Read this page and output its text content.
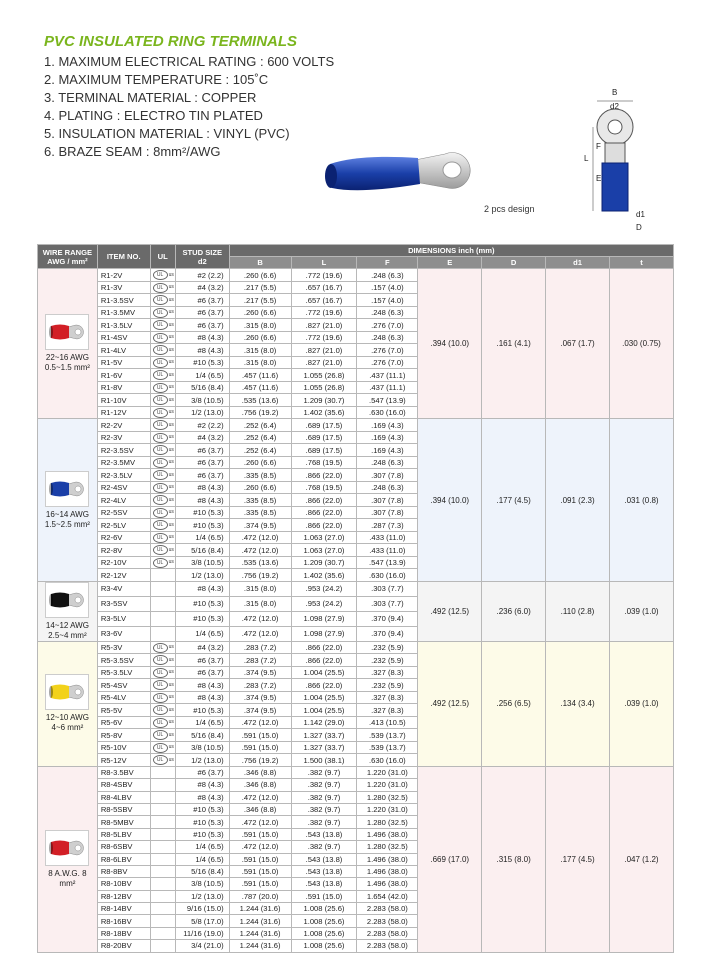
PVC INSULATED RING TERMINALS
1. MAXIMUM ELECTRICAL RATING : 600 VOLTS
2. MAXIMUM TEMPERATURE : 105˚C
3. TERMINAL MATERIAL : COPPER
4. PLATING : ELECTRO TIN PLATED
5. INSULATION MATERIAL : VINYL (PVC)
6. BRAZE SEAM : 8mm²/AWG
2 pcs design
B
d2
L
F
E
d1
D
WIRE RANGE AWG / mm²	ITEM NO.	UL	STUD SIZE d2	DIMENSIONS inch (mm)						
				B	L	F	E	D	d1	t

22~16 AWG 0.5~1.5 mm²	R1-2V	UL us	#2 (2.2)	.260 (6.6)	.772 (19.6)	.248 (6.3)	.394 (10.0)	.161 (4.1)	.067 (1.7)	.030 (0.75)
	R1-3V	UL us	#4 (3.2)	.217 (5.5)	.657 (16.7)	.157 (4.0)				
	R1-3.5SV	UL us	#6 (3.7)	.217 (5.5)	.657 (16.7)	.157 (4.0)				
	R1-3.5MV	UL us	#6 (3.7)	.260 (6.6)	.772 (19.6)	.248 (6.3)				
	R1-3.5LV	UL us	#6 (3.7)	.315 (8.0)	.827 (21.0)	.276 (7.0)				
	R1-4SV	UL us	#8 (4.3)	.260 (6.6)	.772 (19.6)	.248 (6.3)				
	R1-4LV	UL us	#8 (4.3)	.315 (8.0)	.827 (21.0)	.276 (7.0)				
	R1-5V	UL us	#10 (5.3)	.315 (8.0)	.827 (21.0)	.276 (7.0)				
	R1-6V	UL us	1/4 (6.5)	.457 (11.6)	1.055 (26.8)	.437 (11.1)				
	R1-8V	UL us	5/16 (8.4)	.457 (11.6)	1.055 (26.8)	.437 (11.1)				
	R1-10V	UL us	3/8 (10.5)	.535 (13.6)	1.209 (30.7)	.547 (13.9)				
	R1-12V	UL us	1/2 (13.0)	.756 (19.2)	1.402 (35.6)	.630 (16.0)				

16~14 AWG 1.5~2.5 mm²	R2-2V	UL us	#2 (2.2)	.252 (6.4)	.689 (17.5)	.169 (4.3)	.394 (10.0)	.177 (4.5)	.091 (2.3)	.031 (0.8)
	R2-3V	UL us	#4 (3.2)	.252 (6.4)	.689 (17.5)	.169 (4.3)				
	R2-3.5SV	UL us	#6 (3.7)	.252 (6.4)	.689 (17.5)	.169 (4.3)				
	R2-3.5MV	UL us	#6 (3.7)	.260 (6.6)	.768 (19.5)	.248 (6.3)				
	R2-3.5LV	UL us	#6 (3.7)	.335 (8.5)	.866 (22.0)	.307 (7.8)				
	R2-4SV	UL us	#8 (4.3)	.260 (6.6)	.768 (19.5)	.248 (6.3)				
	R2-4LV	UL us	#8 (4.3)	.335 (8.5)	.866 (22.0)	.307 (7.8)				
	R2-5SV	UL us	#10 (5.3)	.335 (8.5)	.866 (22.0)	.307 (7.8)				
	R2-5LV	UL us	#10 (5.3)	.374 (9.5)	.866 (22.0)	.287 (7.3)				
	R2-6V	UL us	1/4 (6.5)	.472 (12.0)	1.063 (27.0)	.433 (11.0)				
	R2-8V	UL us	5/16 (8.4)	.472 (12.0)	1.063 (27.0)	.433 (11.0)				
	R2-10V	UL us	3/8 (10.5)	.535 (13.6)	1.209 (30.7)	.547 (13.9)				
	R2-12V		1/2 (13.0)	.756 (19.2)	1.402 (35.6)	.630 (16.0)				

14~12 AWG 2.5~4 mm²	R3-4V		#8 (4.3)	.315 (8.0)	.953 (24.2)	.303 (7.7)	.492 (12.5)	.236 (6.0)	.110 (2.8)	.039 (1.0)
	R3-5SV		#10 (5.3)	.315 (8.0)	.953 (24.2)	.303 (7.7)				
	R3-5LV		#10 (5.3)	.472 (12.0)	1.098 (27.9)	.370 (9.4)				
	R3-6V		1/4 (6.5)	.472 (12.0)	1.098 (27.9)	.370 (9.4)				

12~10 AWG 4~6 mm²	R5-3V	UL us	#4 (3.2)	.283 (7.2)	.866 (22.0)	.232 (5.9)	.492 (12.5)	.256 (6.5)	.134 (3.4)	.039 (1.0)
	R5-3.5SV	UL us	#6 (3.7)	.283 (7.2)	.866 (22.0)	.232 (5.9)				
	R5-3.5LV	UL us	#6 (3.7)	.374 (9.5)	1.004 (25.5)	.327 (8.3)				
	R5-4SV	UL us	#8 (4.3)	.283 (7.2)	.866 (22.0)	.232 (5.9)				
	R5-4LV	UL us	#8 (4.3)	.374 (9.5)	1.004 (25.5)	.327 (8.3)				
	R5-5V	UL us	#10 (5.3)	.374 (9.5)	1.004 (25.5)	.327 (8.3)				
	R5-6V	UL us	1/4 (6.5)	.472 (12.0)	1.142 (29.0)	.413 (10.5)				
	R5-8V	UL us	5/16 (8.4)	.591 (15.0)	1.327 (33.7)	.539 (13.7)				
	R5-10V	UL us	3/8 (10.5)	.591 (15.0)	1.327 (33.7)	.539 (13.7)				
	R5-12V	UL us	1/2 (13.0)	.756 (19.2)	1.500 (38.1)	.630 (16.0)				

8 A.W.G. 8 mm²	R8-3.5BV		#6 (3.7)	.346 (8.8)	.382 (9.7)	1.220 (31.0)	.669 (17.0)	.315 (8.0)	.177 (4.5)	.047 (1.2)
	R8-4SBV		#8 (4.3)	.346 (8.8)	.382 (9.7)	1.220 (31.0)				
	R8-4LBV		#8 (4.3)	.472 (12.0)	.382 (9.7)	1.280 (32.5)				
	R8-5SBV		#10 (5.3)	.346 (8.8)	.382 (9.7)	1.220 (31.0)				
	R8-5MBV		#10 (5.3)	.472 (12.0)	.382 (9.7)	1.280 (32.5)				
	R8-5LBV		#10 (5.3)	.591 (15.0)	.543 (13.8)	1.496 (38.0)				
	R8-6SBV		1/4 (6.5)	.472 (12.0)	.382 (9.7)	1.280 (32.5)				
	R8-6LBV		1/4 (6.5)	.591 (15.0)	.543 (13.8)	1.496 (38.0)				
	R8-8BV		5/16 (8.4)	.591 (15.0)	.543 (13.8)	1.496 (38.0)				
	R8-10BV		3/8 (10.5)	.591 (15.0)	.543 (13.8)	1.496 (38.0)				
	R8-12BV		1/2 (13.0)	.787 (20.0)	.591 (15.0)	1.654 (42.0)				
	R8-14BV		9/16 (15.0)	1.244 (31.6)	1.008 (25.6)	2.283 (58.0)				
	R8-16BV		5/8 (17.0)	1.244 (31.6)	1.008 (25.6)	2.283 (58.0)				
	R8-18BV		11/16 (19.0)	1.244 (31.6)	1.008 (25.6)	2.283 (58.0)				
	R8-20BV		3/4 (21.0)	1.244 (31.6)	1.008 (25.6)	2.283 (58.0)				
